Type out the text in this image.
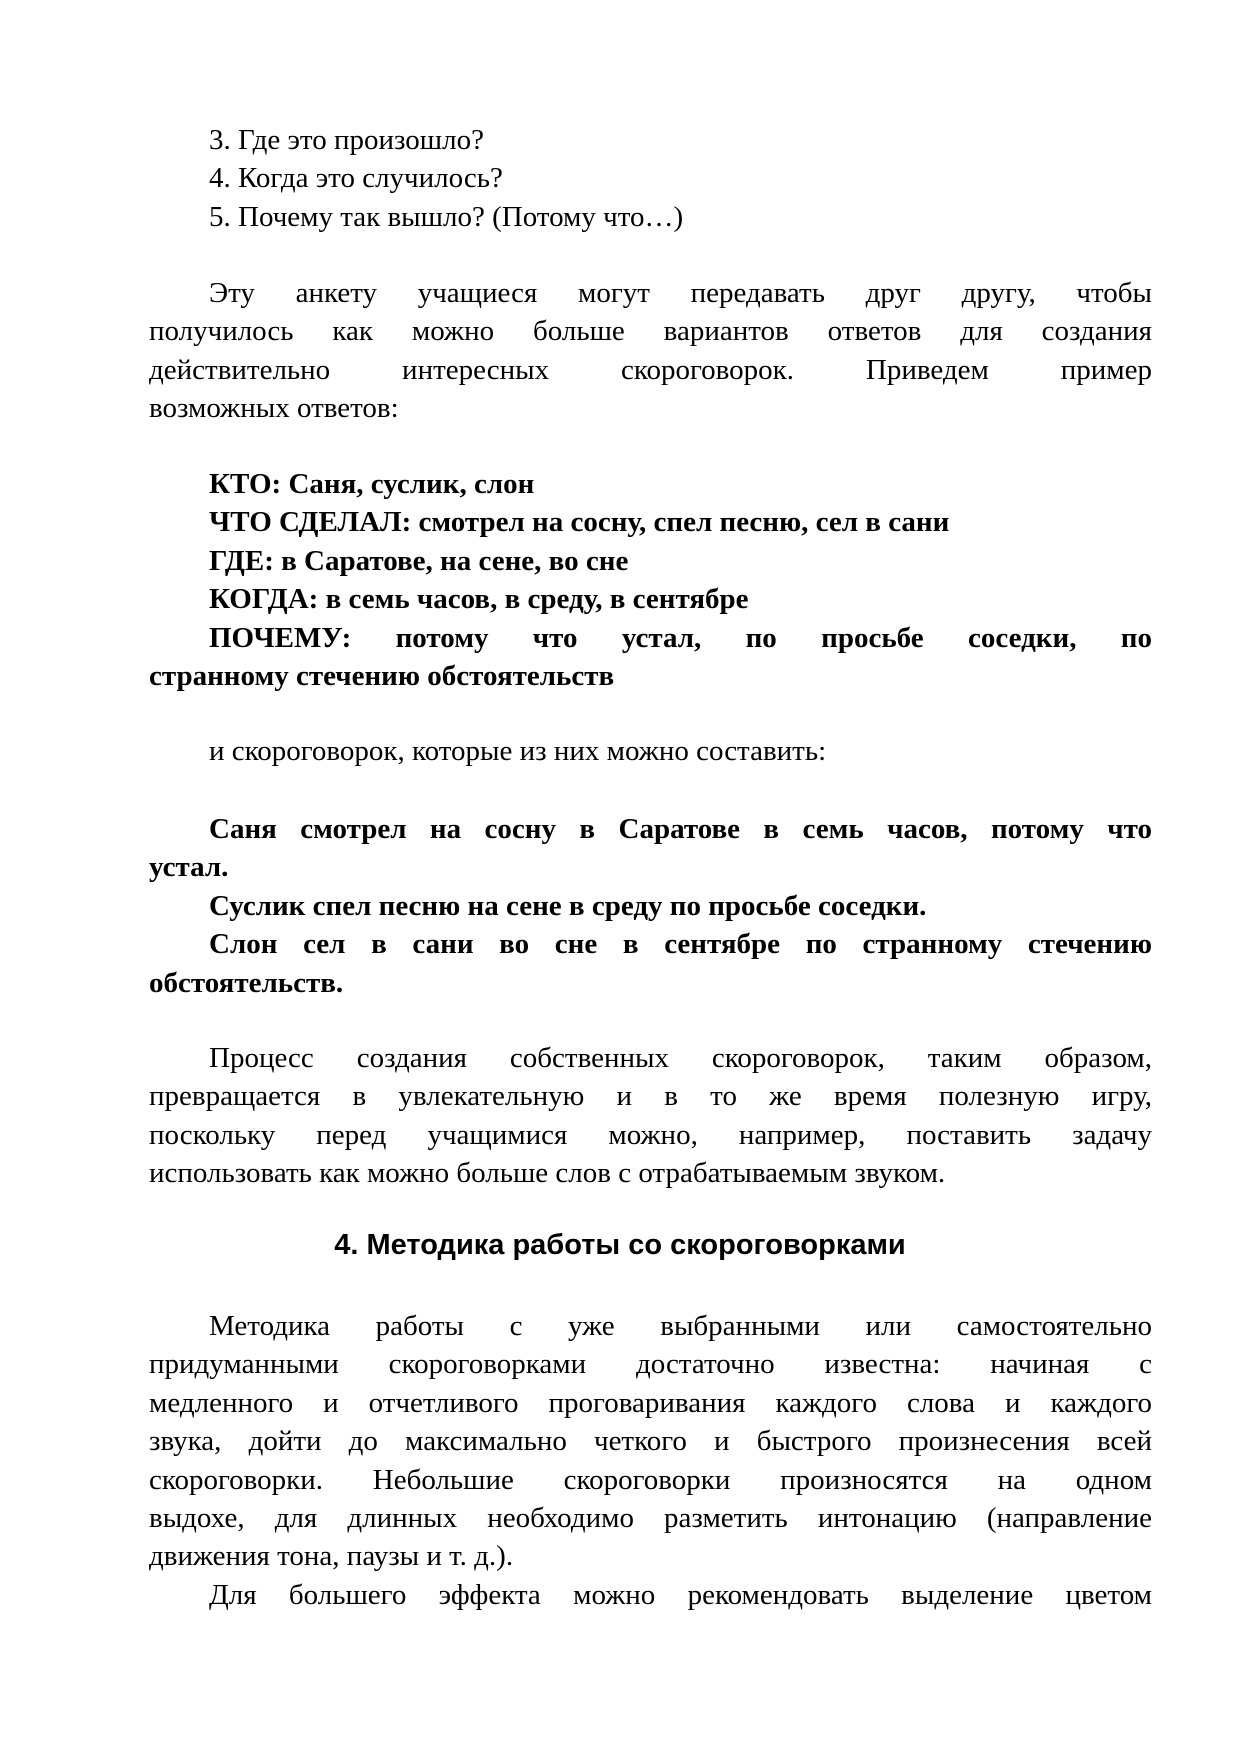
3. Где это произошло?
4. Когда это случилось?
5. Почему так вышло? (Потому что…)
Эту анкету учащиеся могут передавать друг другу, чтобы
получилось как можно больше вариантов ответов для создания
действительно интересных скороговорок. Приведем пример
возможных ответов:
КТО: Саня, суслик, слон
ЧТО СДЕЛАЛ: смотрел на сосну, спел песню, сел в сани
ГДЕ: в Саратове, на сене, во сне
КОГДА: в семь часов, в среду, в сентябре
ПОЧЕМУ: потому что устал, по просьбе соседки, по
странному стечению обстоятельств
и скороговорок, которые из них можно составить:
Саня смотрел на сосну в Саратове в семь часов, потому что
устал.
Суслик спел песню на сене в среду по просьбе соседки.
Слон сел в сани во сне в сентябре по странному стечению
обстоятельств.
Процесс создания собственных скороговорок, таким образом,
превращается в увлекательную и в то же время полезную игру,
поскольку перед учащимися можно, например, поставить задачу
использовать как можно больше слов с отрабатываемым звуком.
4. Методика работы со скороговорками
Методика работы с уже выбранными или самостоятельно
придуманными скороговорками достаточно известна: начиная с
медленного и отчетливого проговаривания каждого слова и каждого
звука, дойти до максимально четкого и быстрого произнесения всей
скороговорки. Небольшие скороговорки произносятся на одном
выдохе, для длинных необходимо разметить интонацию (направление
движения тона, паузы и т. д.).
Для большего эффекта можно рекомендовать выделение цветом
